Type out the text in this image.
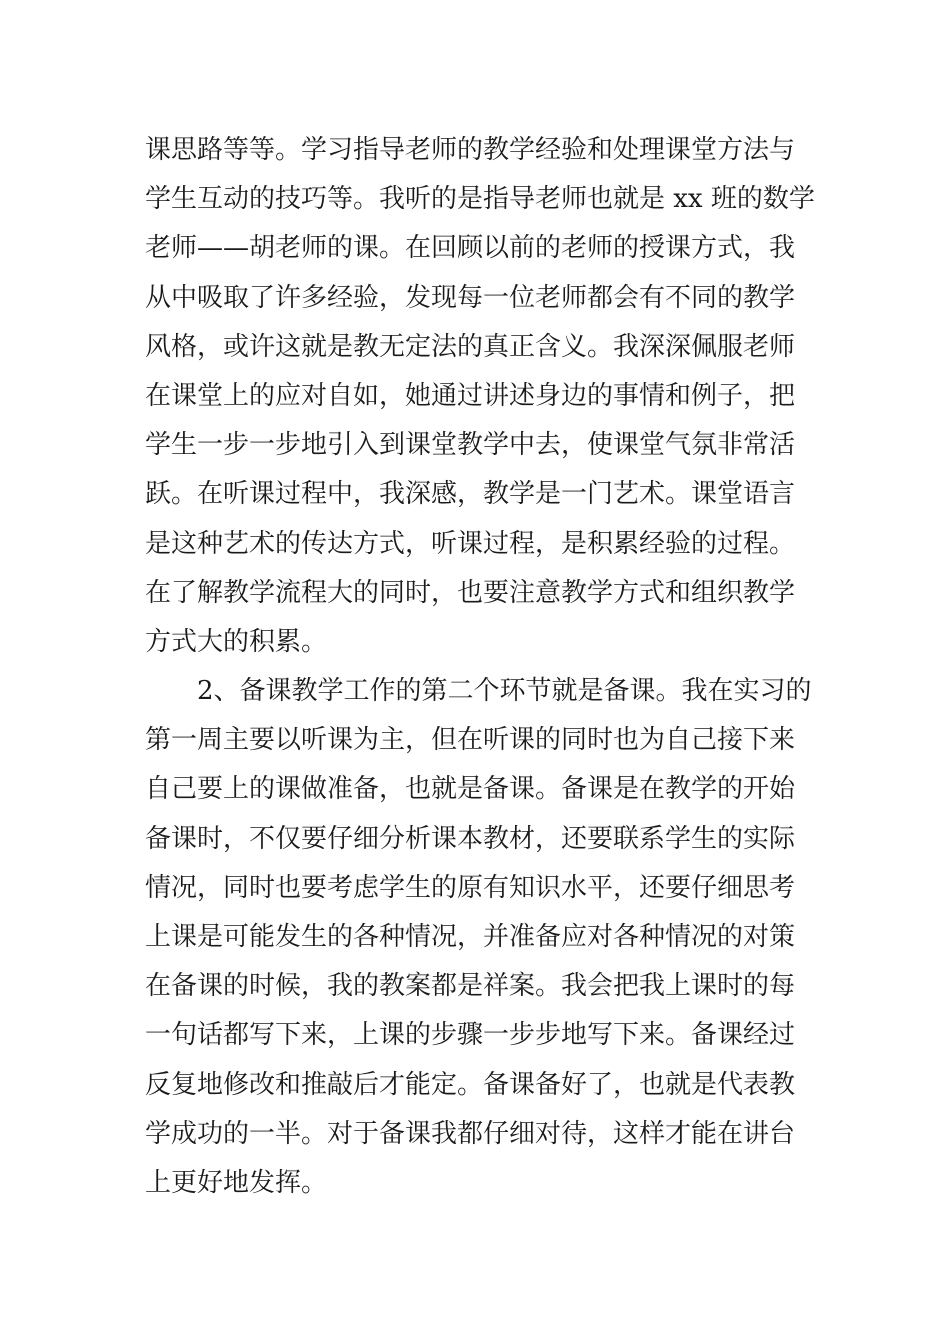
课思路等等。学习指导老师的教学经验和处理课堂方法与
学生互动的技巧等。我听的是指导老师也就是 xx 班的数学
老师——胡老师的课。在回顾以前的老师的授课方式，我
从中吸取了许多经验，发现每一位老师都会有不同的教学
风格，或许这就是教无定法的真正含义。我深深佩服老师
在课堂上的应对自如，她通过讲述身边的事情和例子，把
学生一步一步地引入到课堂教学中去，使课堂气氛非常活
跃。在听课过程中，我深感，教学是一门艺术。课堂语言
是这种艺术的传达方式，听课过程，是积累经验的过程。
在了解教学流程大的同时，也要注意教学方式和组织教学
方式大的积累。
2、备课教学工作的第二个环节就是备课。我在实习的
第一周主要以听课为主，但在听课的同时也为自己接下来
自己要上的课做准备，也就是备课。备课是在教学的开始
备课时，不仅要仔细分析课本教材，还要联系学生的实际
情况，同时也要考虑学生的原有知识水平，还要仔细思考
上课是可能发生的各种情况，并准备应对各种情况的对策
在备课的时候，我的教案都是祥案。我会把我上课时的每
一句话都写下来，上课的步骤一步步地写下来。备课经过
反复地修改和推敲后才能定。备课备好了，也就是代表教
学成功的一半。对于备课我都仔细对待，这样才能在讲台
上更好地发挥。
